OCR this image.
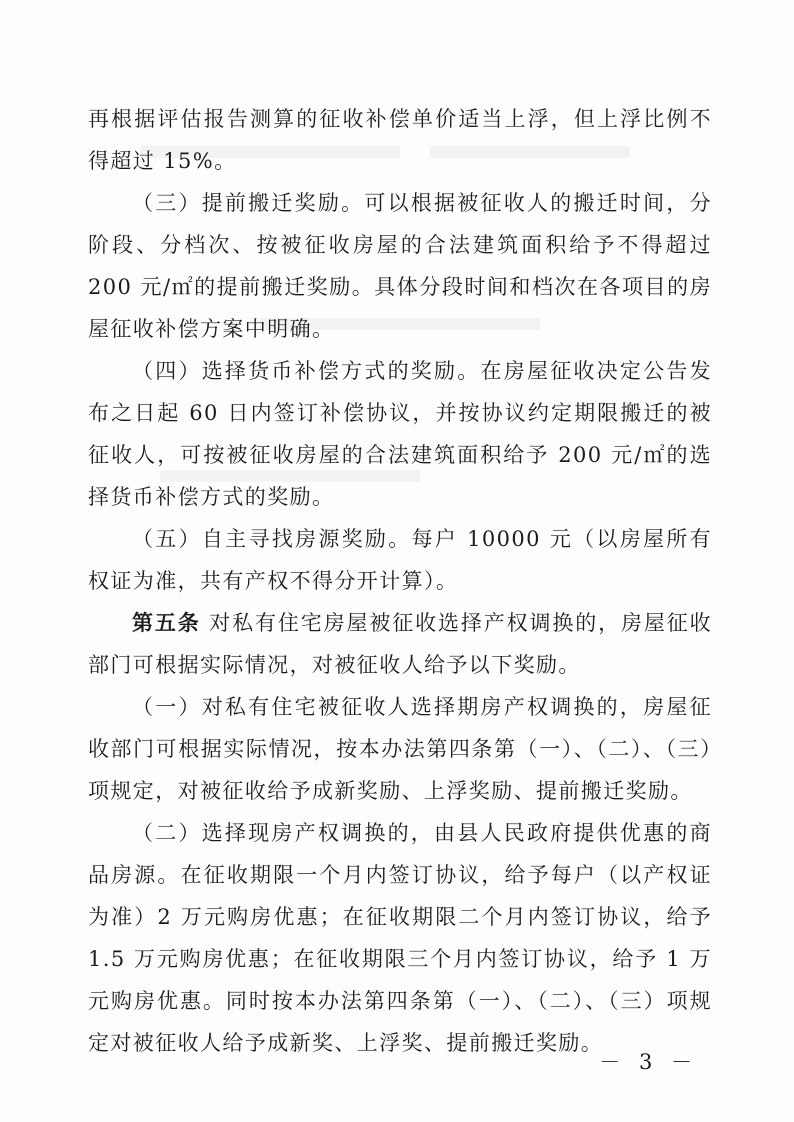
再根据评估报告测算的征收补偿单价适当上浮，但上浮比例不得超过 15%。

（三）提前搬迁奖励。可以根据被征收人的搬迁时间，分阶段、分档次、按被征收房屋的合法建筑面积给予不得超过 200 元/㎡的提前搬迁奖励。具体分段时间和档次在各项目的房屋征收补偿方案中明确。

（四）选择货币补偿方式的奖励。在房屋征收决定公告发布之日起 60 日内签订补偿协议，并按协议约定期限搬迁的被征收人，可按被征收房屋的合法建筑面积给予 200 元/㎡的选择货币补偿方式的奖励。

（五）自主寻找房源奖励。每户 10000 元（以房屋所有权证为准，共有产权不得分开计算）。

第五条 对私有住宅房屋被征收选择产权调换的，房屋征收部门可根据实际情况，对被征收人给予以下奖励。

（一）对私有住宅被征收人选择期房产权调换的，房屋征收部门可根据实际情况，按本办法第四条第（一）、（二）、（三）项规定，对被征收给予成新奖励、上浮奖励、提前搬迁奖励。

（二）选择现房产权调换的，由县人民政府提供优惠的商品房源。在征收期限一个月内签订协议，给予每户（以产权证为准）2 万元购房优惠；在征收期限二个月内签订协议，给予 1.5 万元购房优惠；在征收期限三个月内签订协议，给予 1 万元购房优惠。同时按本办法第四条第（一）、（二）、（三）项规定对被征收人给予成新奖、上浮奖、提前搬迁奖励。

－ 3 －
